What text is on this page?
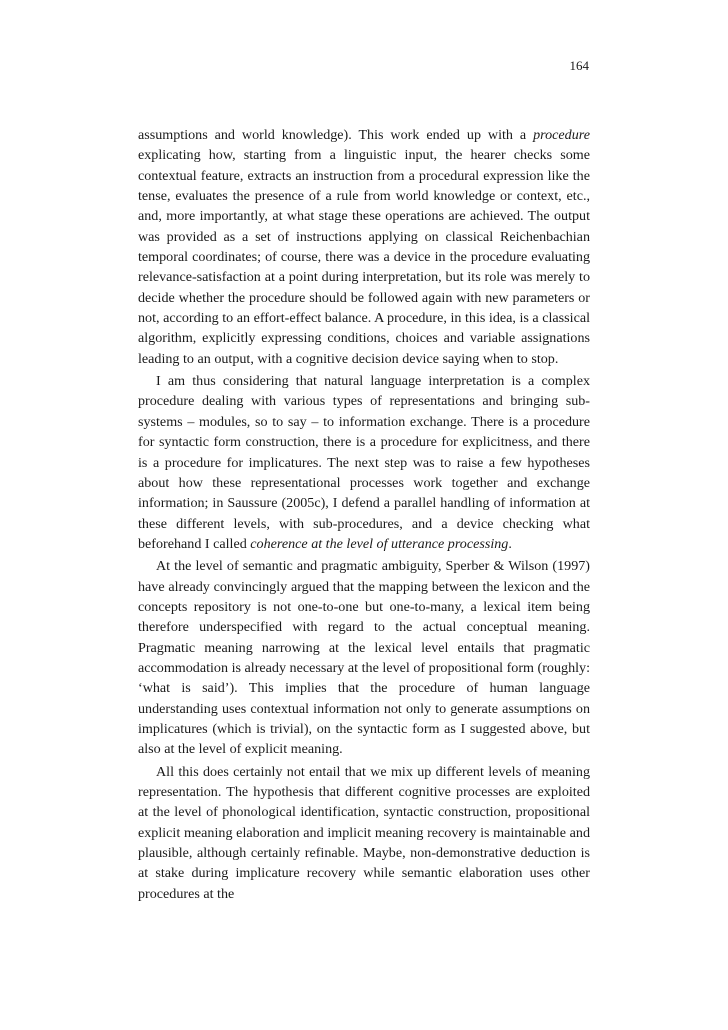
164

assumptions and world knowledge). This work ended up with a procedure explicating how, starting from a linguistic input, the hearer checks some contextual feature, extracts an instruction from a procedural expression like the tense, evaluates the presence of a rule from world knowledge or context, etc., and, more importantly, at what stage these operations are achieved. The output was provided as a set of instructions applying on classical Reichenbachian temporal coordinates; of course, there was a device in the procedure evaluating relevance-satisfaction at a point during interpretation, but its role was merely to decide whether the procedure should be followed again with new parameters or not, according to an effort-effect balance. A procedure, in this idea, is a classical algorithm, explicitly expressing conditions, choices and variable assignations leading to an output, with a cognitive decision device saying when to stop.

I am thus considering that natural language interpretation is a complex procedure dealing with various types of representations and bringing sub-systems – modules, so to say – to information exchange. There is a procedure for syntactic form construction, there is a procedure for explicitness, and there is a procedure for implicatures. The next step was to raise a few hypotheses about how these representational processes work together and exchange information; in Saussure (2005c), I defend a parallel handling of information at these different levels, with sub-procedures, and a device checking what beforehand I called coherence at the level of utterance processing.

At the level of semantic and pragmatic ambiguity, Sperber & Wilson (1997) have already convincingly argued that the mapping between the lexicon and the concepts repository is not one-to-one but one-to-many, a lexical item being therefore underspecified with regard to the actual conceptual meaning. Pragmatic meaning narrowing at the lexical level entails that pragmatic accommodation is already necessary at the level of propositional form (roughly: ‘what is said’). This implies that the procedure of human language understanding uses contextual information not only to generate assumptions on implicatures (which is trivial), on the syntactic form as I suggested above, but also at the level of explicit meaning.

All this does certainly not entail that we mix up different levels of meaning representation. The hypothesis that different cognitive processes are exploited at the level of phonological identification, syntactic construction, propositional explicit meaning elaboration and implicit meaning recovery is maintainable and plausible, although certainly refinable. Maybe, non-demonstrative deduction is at stake during implicature recovery while semantic elaboration uses other procedures at the
